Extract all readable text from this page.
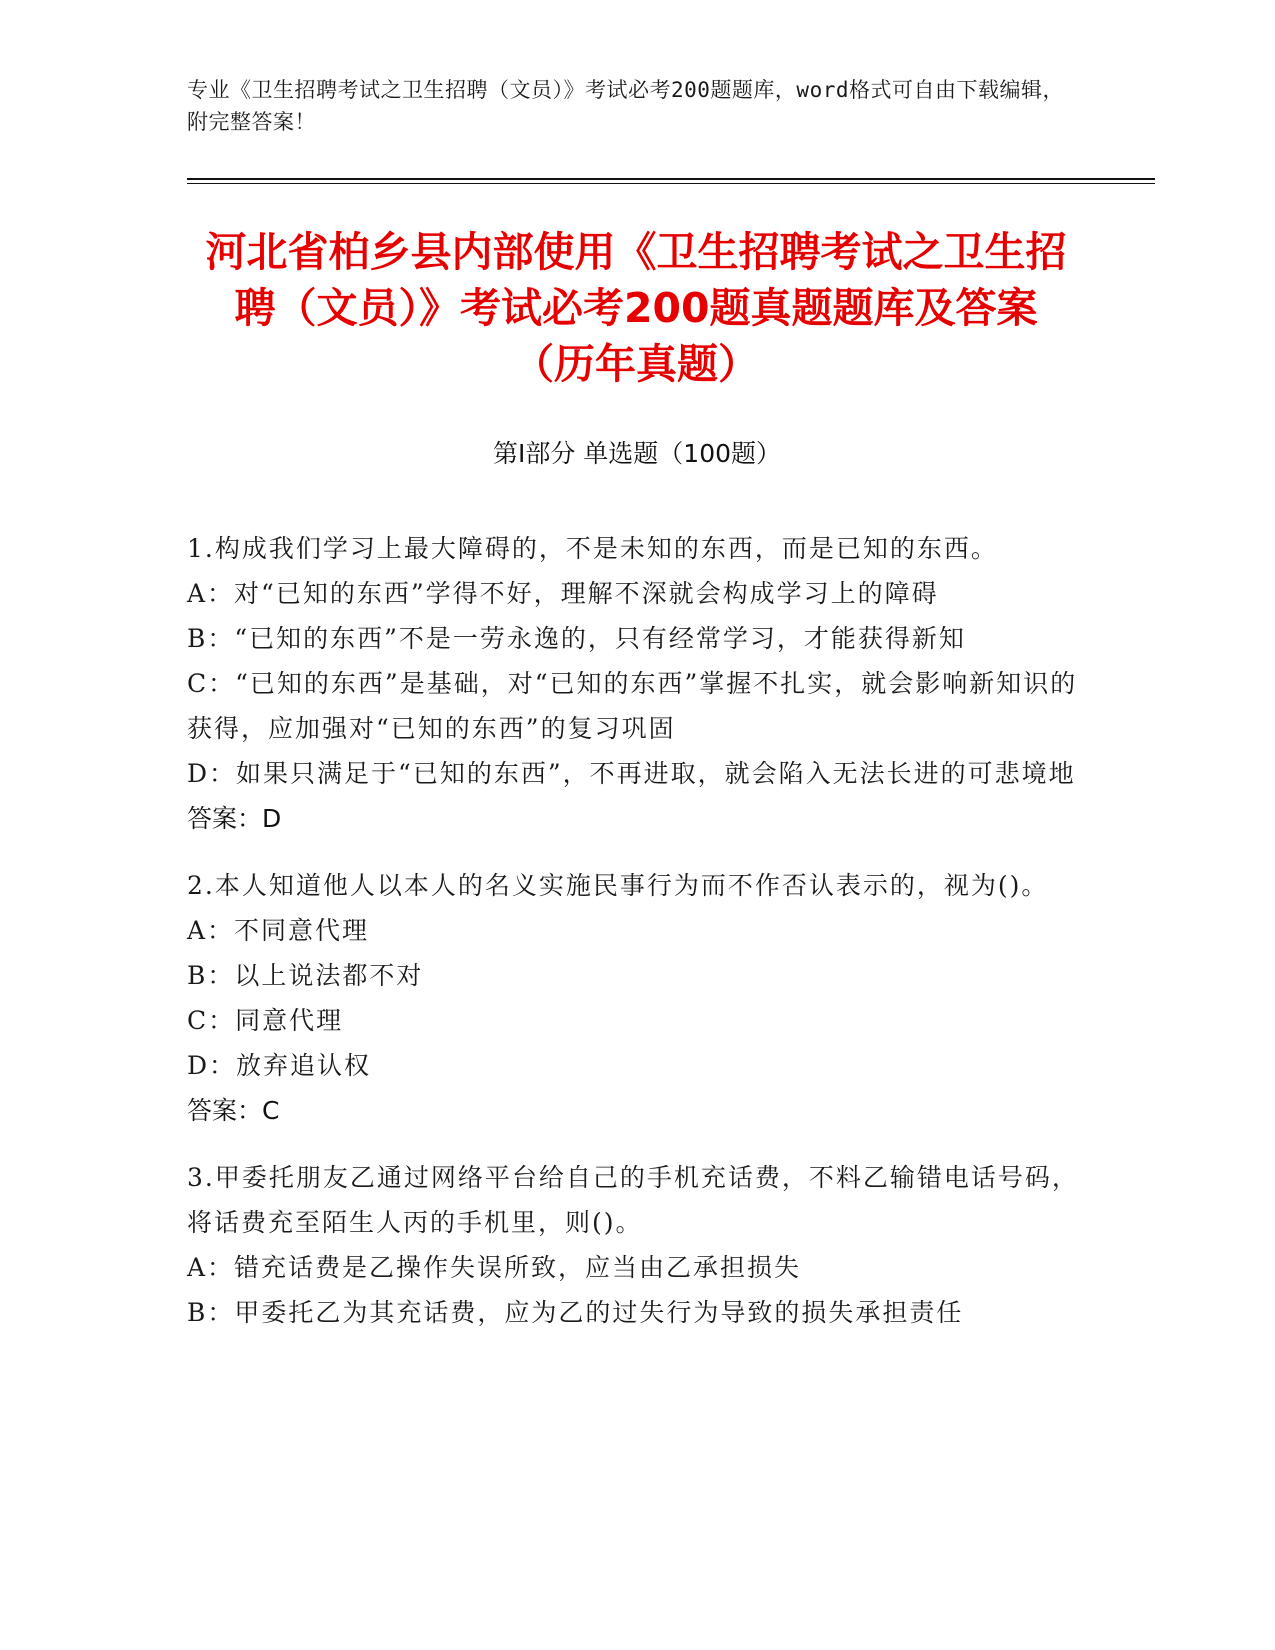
专业《卫生招聘考试之卫生招聘（文员）》考试必考200题题库，word格式可自由下载编辑，附完整答案！
河北省柏乡县内部使用《卫生招聘考试之卫生招聘（文员）》考试必考200题真题题库及答案（历年真题）
第I部分 单选题（100题）

1.构成我们学习上最大障碍的，不是未知的东西，而是已知的东西。

A：对“已知的东西”学得不好，理解不深就会构成学习上的障碍

B：“已知的东西”不是一劳永逸的，只有经常学习，才能获得新知

C：“已知的东西”是基础，对“已知的东西”掌握不扎实，就会影响新知识的获得，应加强对“已知的东西”的复习巩固

D：如果只满足于“已知的东西”，不再进取，就会陷入无法长进的可悲境地

答案：D

2.本人知道他人以本人的名义实施民事行为而不作否认表示的，视为()。

A：不同意代理

B：以上说法都不对

C：同意代理

D：放弃追认权

答案：C

3.甲委托朋友乙通过网络平台给自己的手机充话费，不料乙输错电话号码，将话费充至陌生人丙的手机里，则()。

A：错充话费是乙操作失误所致，应当由乙承担损失

B：甲委托乙为其充话费，应为乙的过失行为导致的损失承担责任
